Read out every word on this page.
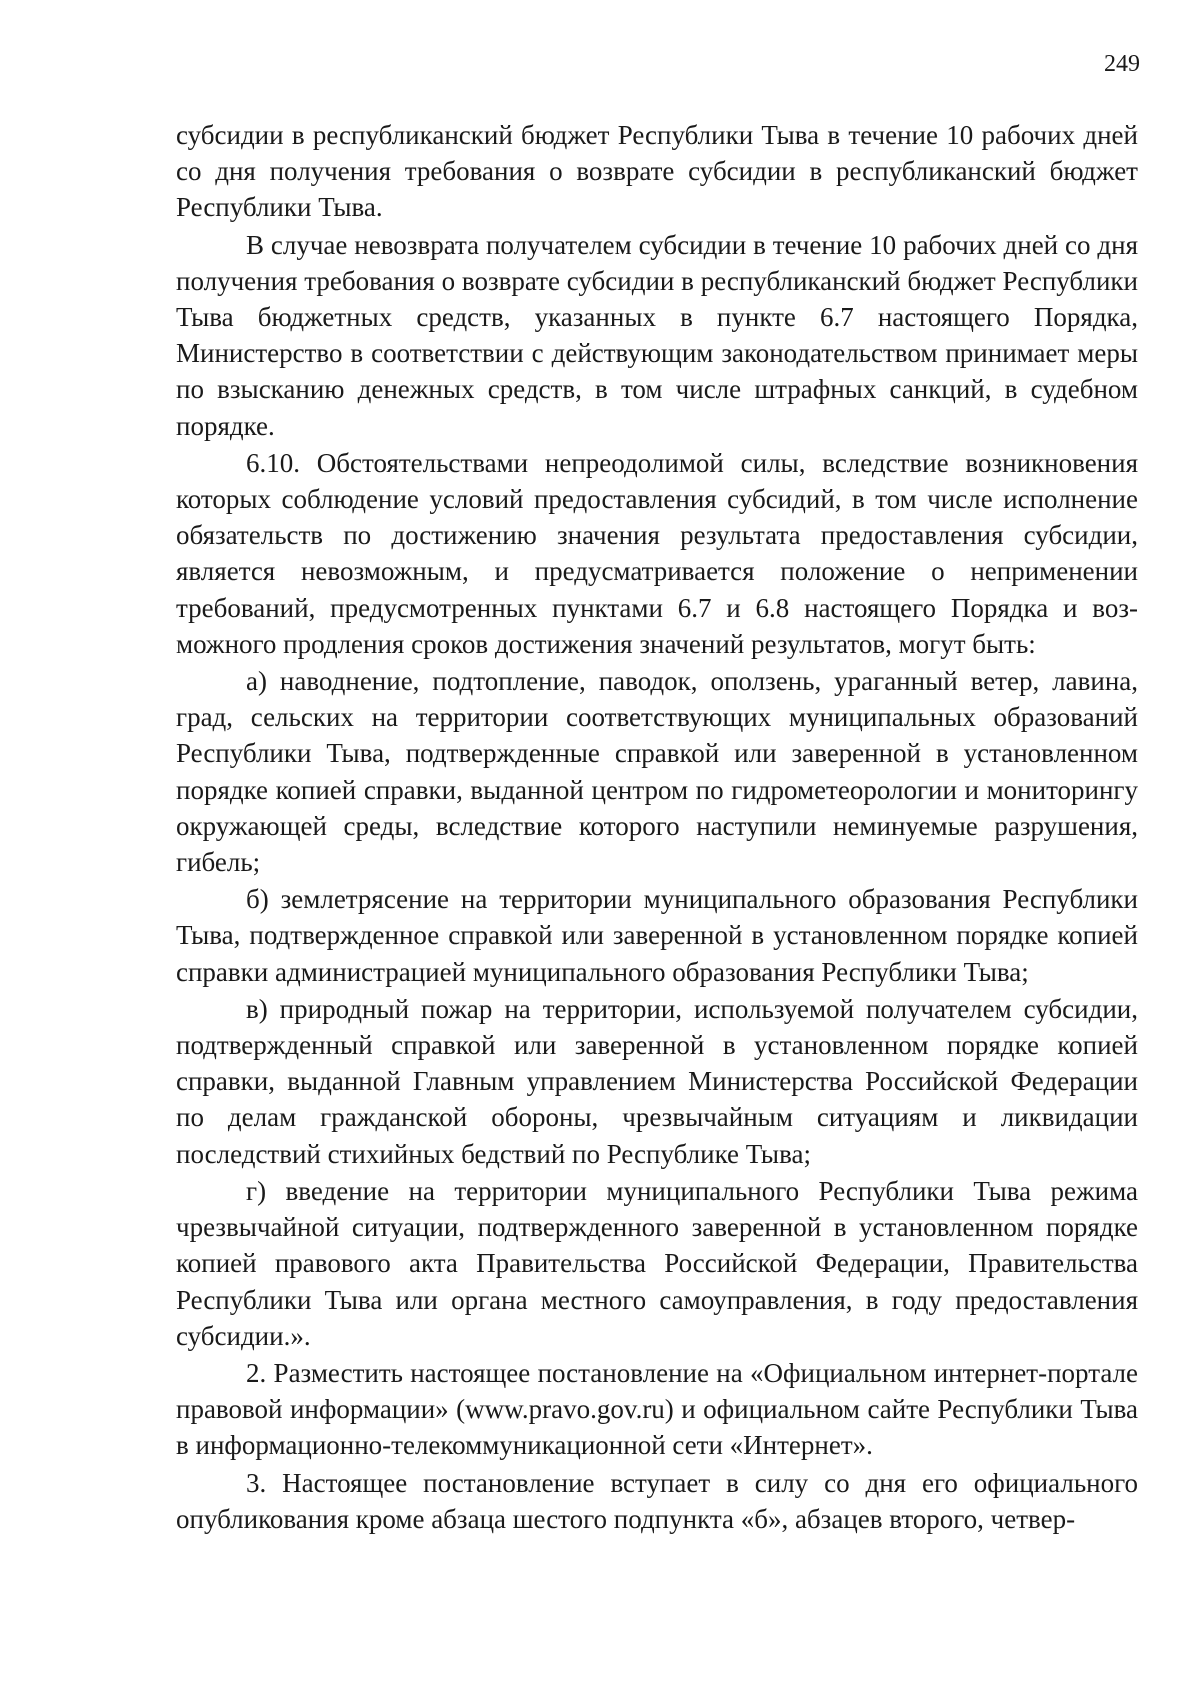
249

субсидии в республиканский бюджет Республики Тыва в течение 10 рабочих дней со дня получения требования о возврате субсидии в республиканский бюджет Республики Тыва.

В случае невозврата получателем субсидии в течение 10 рабочих дней со дня получения требования о возврате субсидии в республиканский бюджет Республики Тыва бюджетных средств, указанных в пункте 6.7 настоящего Порядка, Министерство в соответствии с действующим законодательством принимает меры по взысканию денежных средств, в том числе штрафных санкций, в судебном порядке.

6.10. Обстоятельствами непреодолимой силы, вследствие возникновения которых соблюдение условий предоставления субсидий, в том числе исполнение обязательств по достижению значения результата предоставления субсидии, является невозможным, и предусматривается положение о неприменении требований, предусмотренных пунктами 6.7 и 6.8 настоящего Порядка и возможного продления сроков достижения значений результатов, могут быть:

а) наводнение, подтопление, паводок, оползень, ураганный ветер, лавина, град, сельских на территории соответствующих муниципальных образований Республики Тыва, подтвержденные справкой или заверенной в установленном порядке копией справки, выданной центром по гидрометеорологии и мониторингу окружающей среды, вследствие которого наступили неминуемые разрушения, гибель;

б) землетрясение на территории муниципального образования Республики Тыва, подтвержденное справкой или заверенной в установленном порядке копией справки администрацией муниципального образования Республики Тыва;

в) природный пожар на территории, используемой получателем субсидии, подтвержденный справкой или заверенной в установленном порядке копией справки, выданной Главным управлением Министерства Российской Федерации по делам гражданской обороны, чрезвычайным ситуациям и ликвидации последствий стихийных бедствий по Республике Тыва;

г) введение на территории муниципального Республики Тыва режима чрезвычайной ситуации, подтвержденного заверенной в установленном порядке копией правового акта Правительства Российской Федерации, Правительства Республики Тыва или органа местного самоуправления, в году предоставления субсидии.».

2. Разместить настоящее постановление на «Официальном интернет-портале правовой информации» (www.pravo.gov.ru) и официальном сайте Республики Тыва в информационно-телекоммуникационной сети «Интернет».

3. Настоящее постановление вступает в силу со дня его официального опубликования кроме абзаца шестого подпункта «б», абзацев второго, четвер-
